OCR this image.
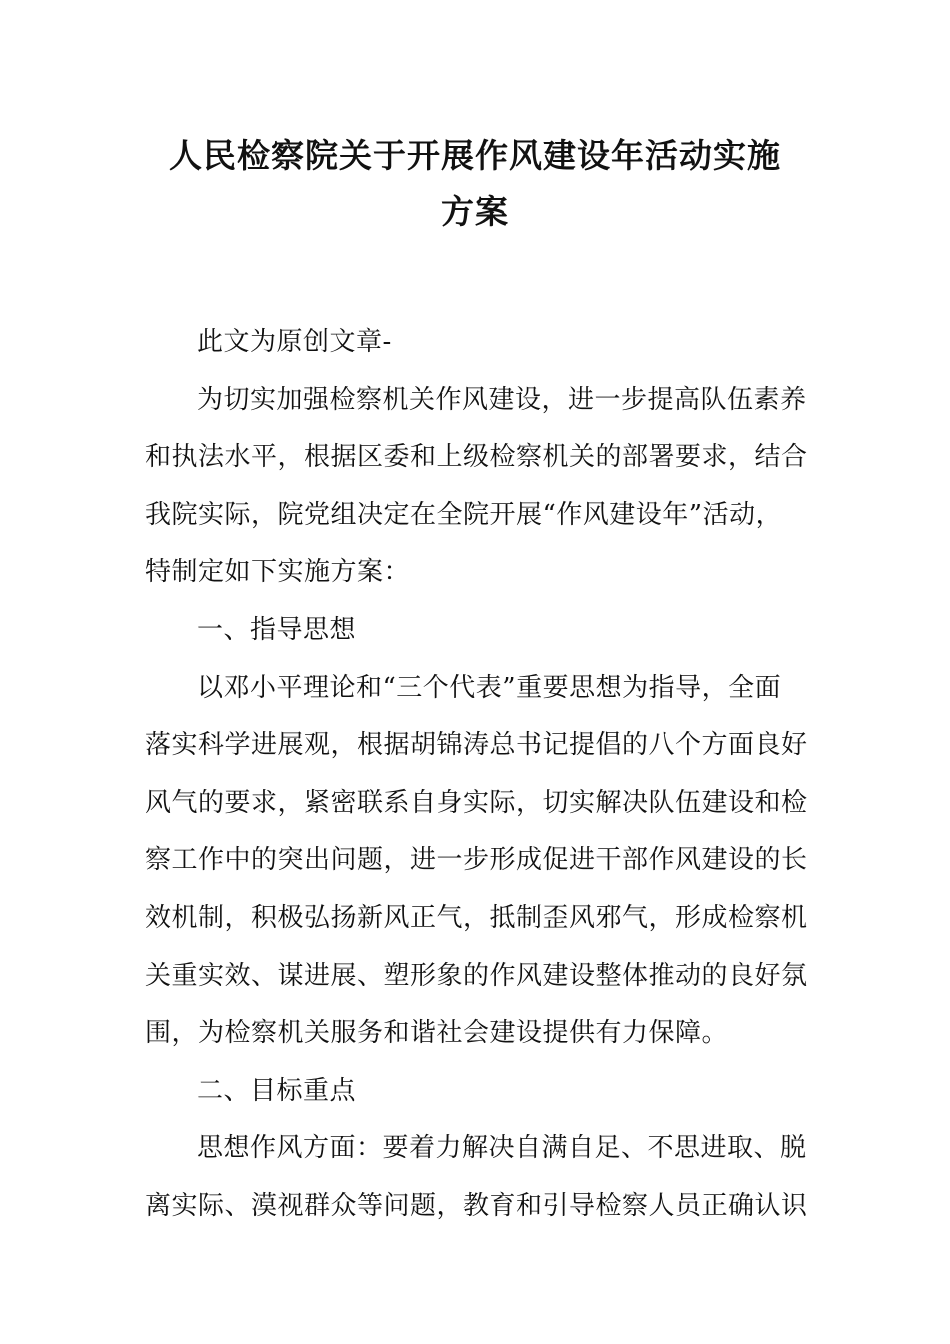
人民检察院关于开展作风建设年活动实施
方案
此文为原创文章-
为切实加强检察机关作风建设，进一步提高队伍素养
和执法水平，根据区委和上级检察机关的部署要求，结合
我院实际，院党组决定在全院开展“作风建设年”活动，
特制定如下实施方案：
一、指导思想
以邓小平理论和“三个代表”重要思想为指导，全面
落实科学进展观，根据胡锦涛总书记提倡的八个方面良好
风气的要求，紧密联系自身实际，切实解决队伍建设和检
察工作中的突出问题，进一步形成促进干部作风建设的长
效机制，积极弘扬新风正气，抵制歪风邪气，形成检察机
关重实效、谋进展、塑形象的作风建设整体推动的良好氛
围，为检察机关服务和谐社会建设提供有力保障。
二、目标重点
思想作风方面：要着力解决自满自足、不思进取、脱
离实际、漠视群众等问题，教育和引导检察人员正确认识
